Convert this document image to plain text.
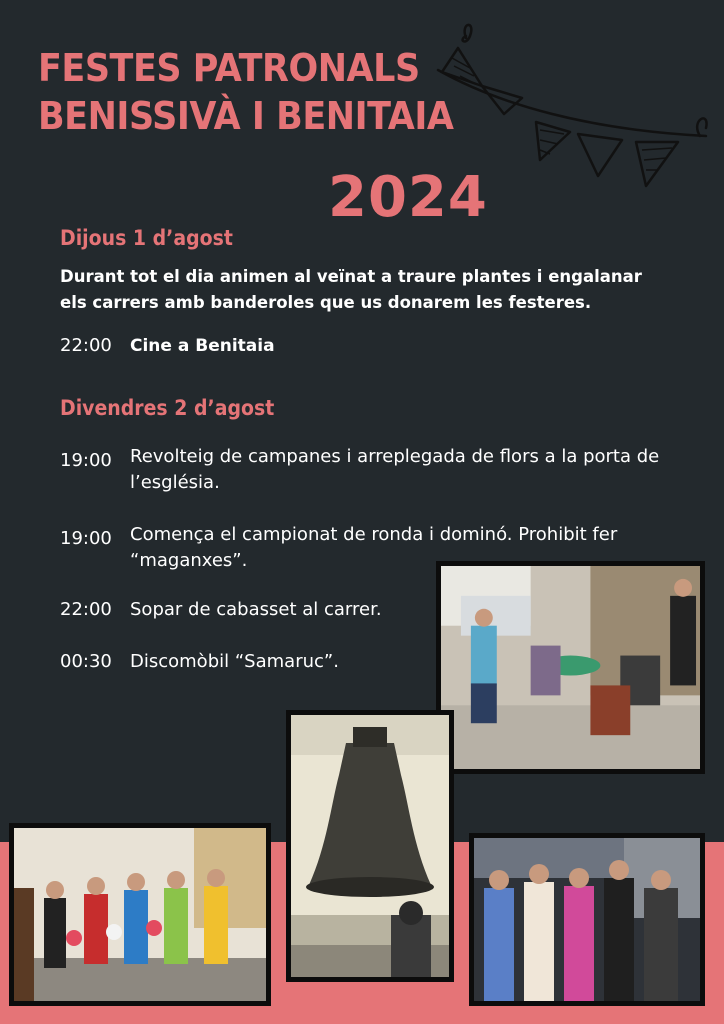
FESTES PATRONALS
BENISSIVÀ I BENITAIA
2024
Dijous 1 d’agost

Durant tot el dia animen al veïnat a traure plantes i engalanar els carrers amb banderoles que us donarem les festeres.

22:00	Cine a Benitaia
Divendres 2 d’agost
19:00	Revolteig de campanes i arreplegada de flors a la porta de l’església.
19:00	Comença el campionat de ronda i dominó. Prohibit fer “maganxes”.
22:00	Sopar de cabasset al carrer.
00:30	Discomòbil “Samaruc”.
